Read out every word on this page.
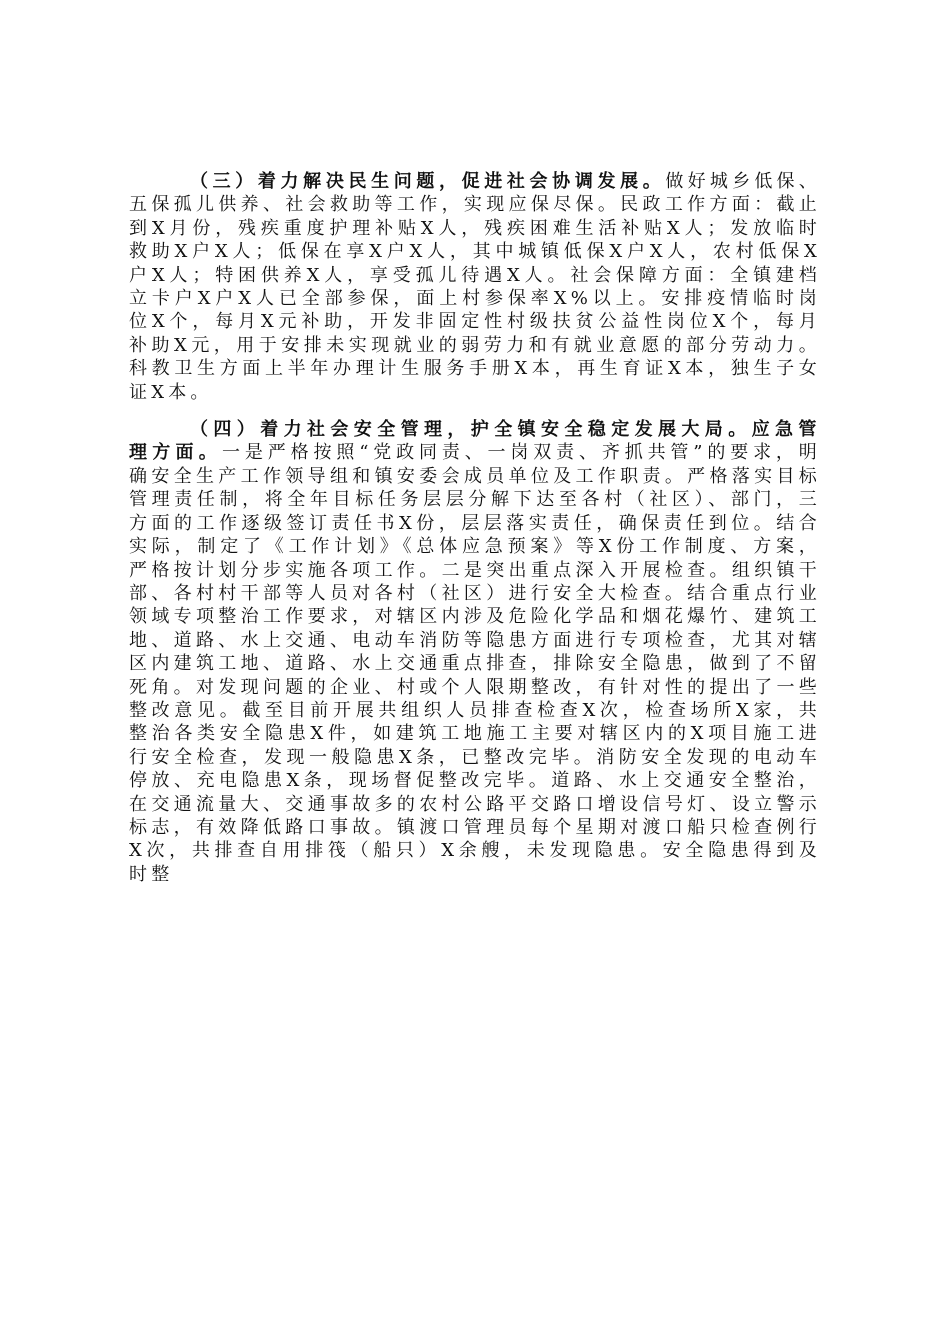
（三）着力解决民生问题，促进社会协调发展。做好城乡低保、五保孤儿供养、社会救助等工作，实现应保尽保。民政工作方面：截止到X月份，残疾重度护理补贴X人，残疾困难生活补贴X人；发放临时救助X户X人；低保在享X户X人，其中城镇低保X户X人，农村低保X户X人；特困供养X人，享受孤儿待遇X人。社会保障方面：全镇建档立卡户X户X人已全部参保，面上村参保率X%以上。安排疫情临时岗位X个，每月X元补助，开发非固定性村级扶贫公益性岗位X个，每月补助X元，用于安排未实现就业的弱劳力和有就业意愿的部分劳动力。科教卫生方面上半年办理计生服务手册X本，再生育证X本，独生子女证X本。

（四）着力社会安全管理，护全镇安全稳定发展大局。应急管理方面。一是严格按照“党政同责、一岗双责、齐抓共管”的要求，明确安全生产工作领导组和镇安委会成员单位及工作职责。严格落实目标管理责任制，将全年目标任务层层分解下达至各村（社区）、部门，三方面的工作逐级签订责任书X份，层层落实责任，确保责任到位。结合实际，制定了《工作计划》《总体应急预案》等X份工作制度、方案，严格按计划分步实施各项工作。二是突出重点深入开展检查。组织镇干部、各村村干部等人员对各村（社区）进行安全大检查。结合重点行业领域专项整治工作要求，对辖区内涉及危险化学品和烟花爆竹、建筑工地、道路、水上交通、电动车消防等隐患方面进行专项检查，尤其对辖区内建筑工地、道路、水上交通重点排查，排除安全隐患，做到了不留死角。对发现问题的企业、村或个人限期整改，有针对性的提出了一些整改意见。截至目前开展共组织人员排查检查X次，检查场所X家，共整治各类安全隐患X件，如建筑工地施工主要对辖区内的X项目施工进行安全检查，发现一般隐患X条，已整改完毕。消防安全发现的电动车停放、充电隐患X条，现场督促整改完毕。道路、水上交通安全整治，在交通流量大、交通事故多的农村公路平交路口增设信号灯、设立警示标志，有效降低路口事故。镇渡口管理员每个星期对渡口船只检查例行X次，共排查自用排筏（船只）X余艘，未发现隐患。安全隐患得到及时整
